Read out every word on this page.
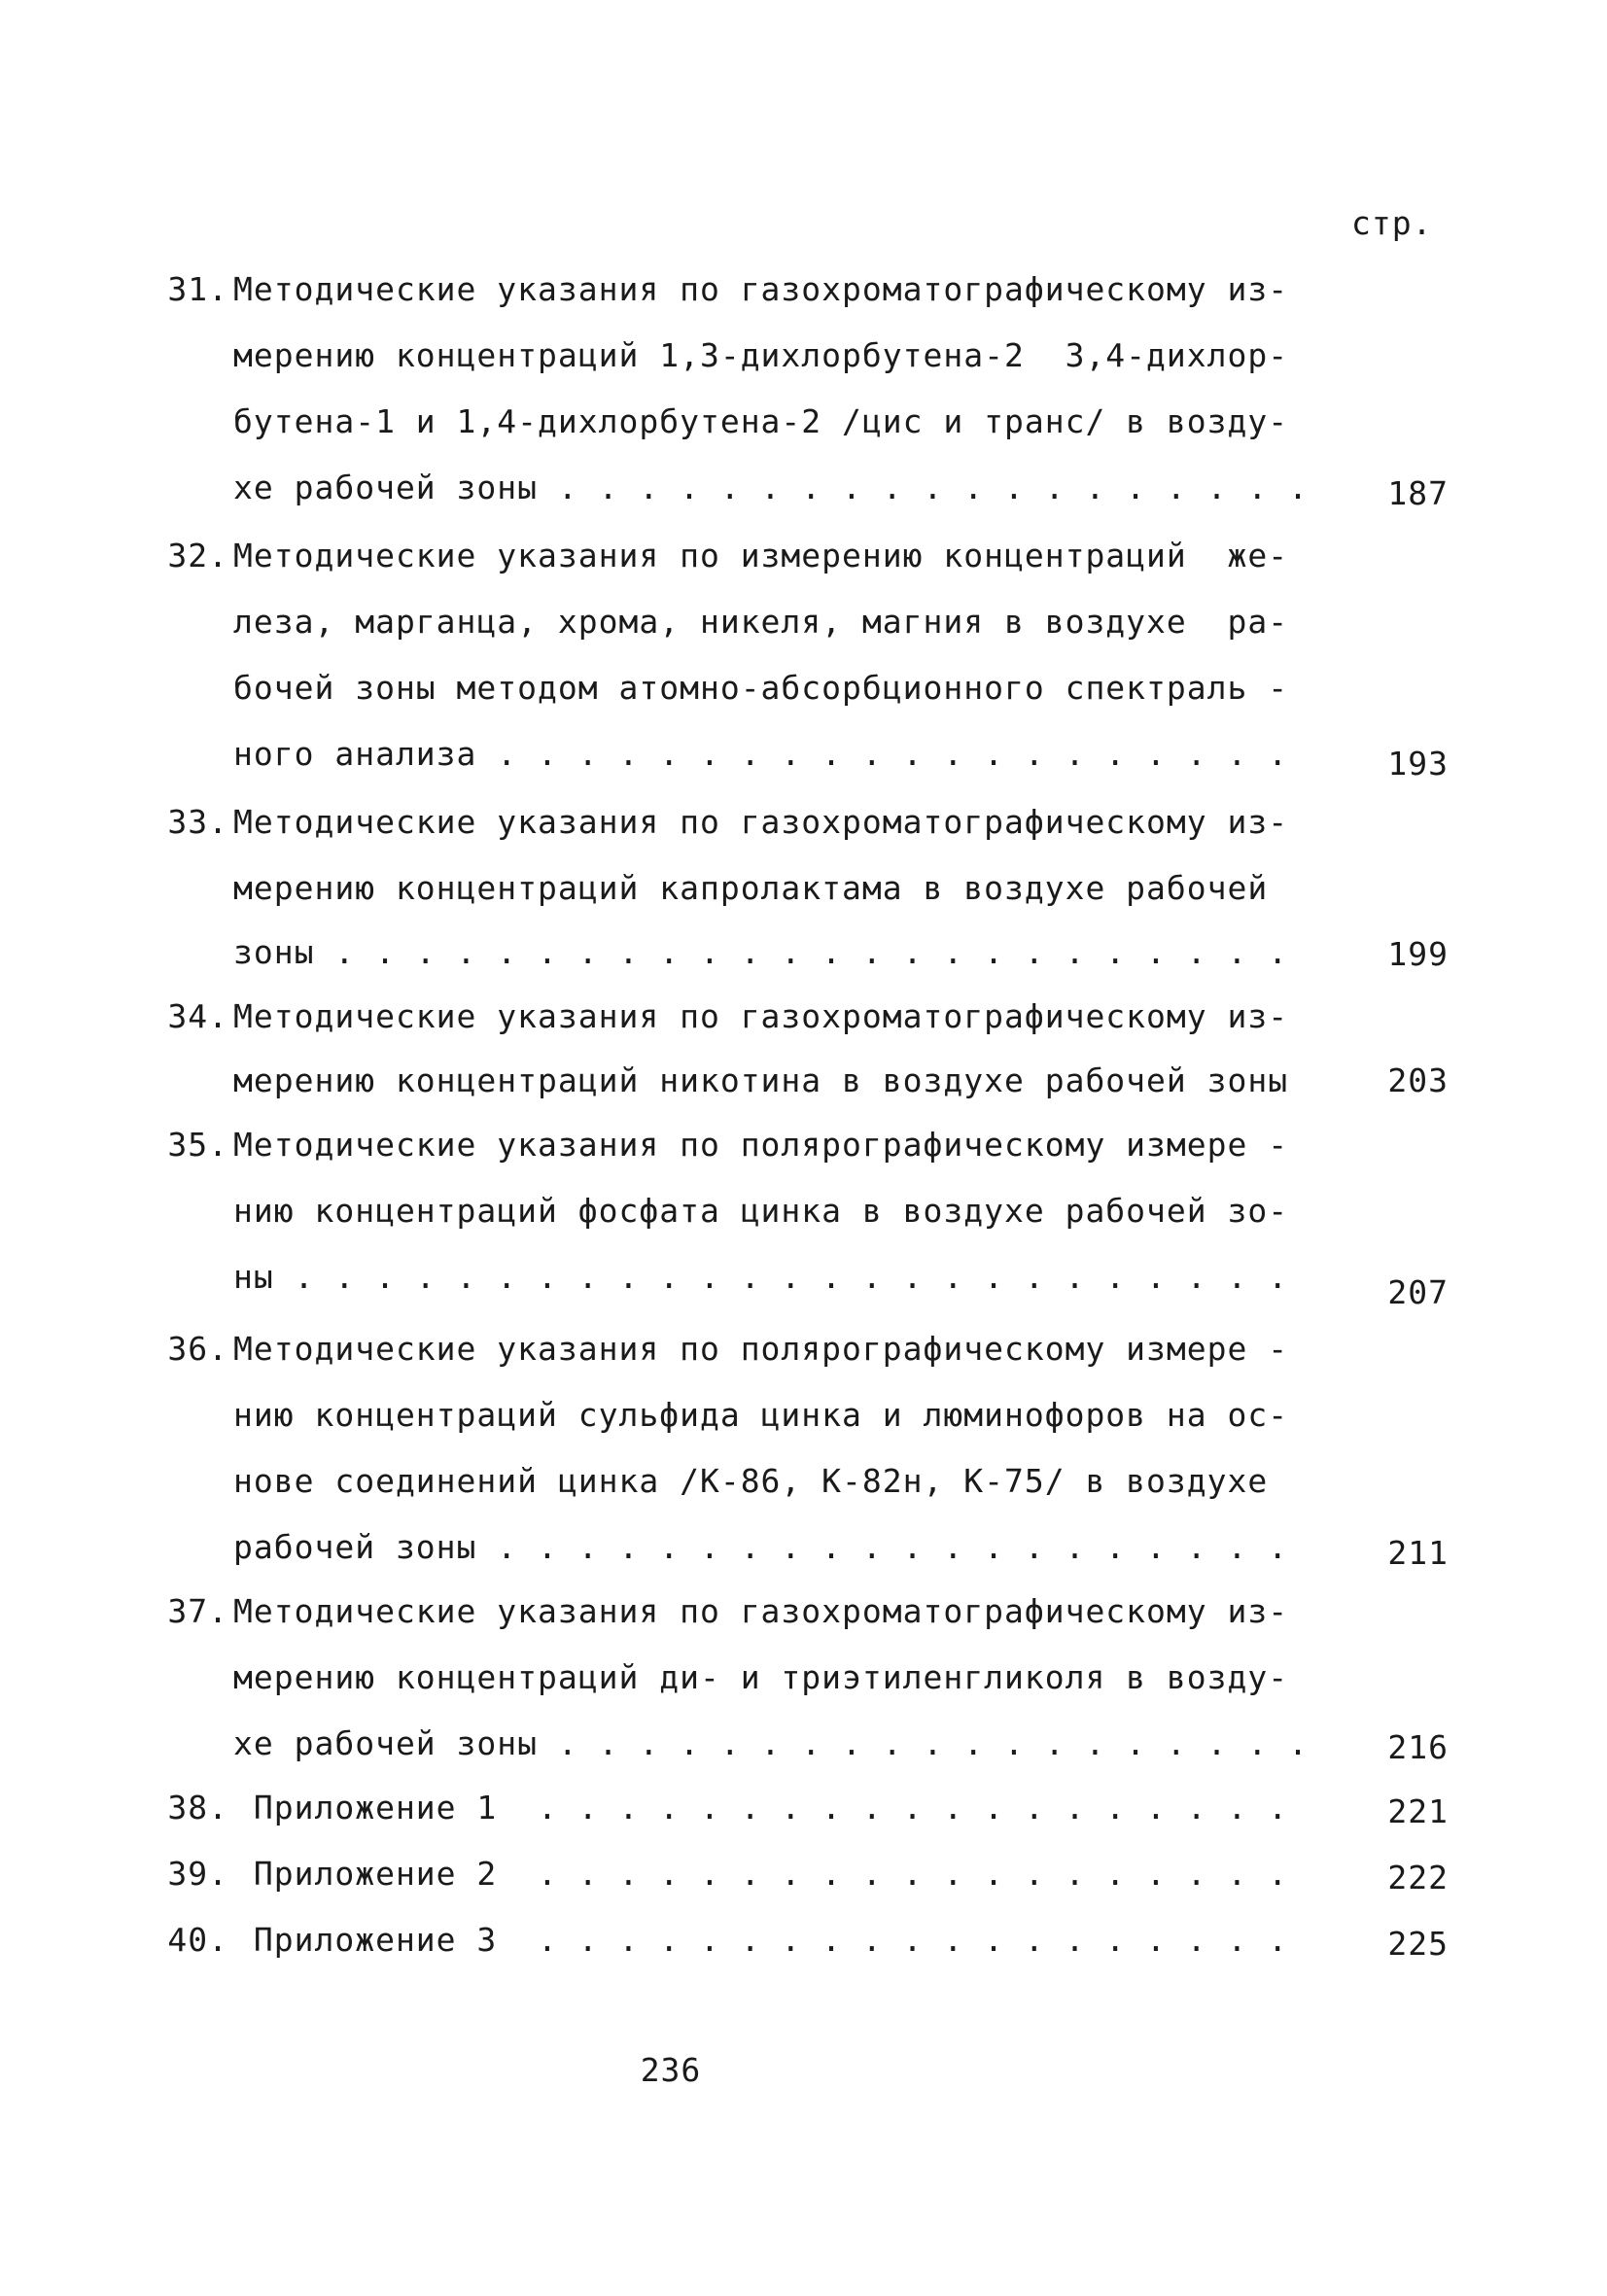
стр.
31. Методические указания по газохроматографическому из-
мерению концентраций 1,3-дихлорбутена-2  3,4-дихлор-
бутена-1 и 1,4-дихлорбутена-2 /цис и транс/ в возду-
хе рабочей зоны . . . . . . . . . . . . . . . . . . .	187
32. Методические указания по измерению концентраций  же-
леза, марганца, хрома, никеля, магния в воздухе  ра-
бочей зоны методом атомно-абсорбционного спектраль -
ного анализа . . . . . . . . . . . . . . . . . . . .	193
33. Методические указания по газохроматографическому из-
мерению концентраций капролактама в воздухе рабочей
зоны . . . . . . . . . . . . . . . . . . . . . . . .	199
34. Методические указания по газохроматографическому из-
мерению концентраций никотина в воздухе рабочей зоны	203
35. Методические указания по полярографическому измере -
нию концентраций фосфата цинка в воздухе рабочей зо-
ны . . . . . . . . . . . . . . . . . . . . . . . . .	207
36. Методические указания по полярографическому измере -
нию концентраций сульфида цинка и люминофоров на ос-
нове соединений цинка /К-86, К-82н, К-75/ в воздухе
рабочей зоны . . . . . . . . . . . . . . . . . . . .	211
37. Методические указания по газохроматографическому из-
мерению концентраций ди- и триэтиленгликоля в возду-
хе рабочей зоны . . . . . . . . . . . . . . . . . . .	216
38. Приложение 1  . . . . . . . . . . . . . . . . . . .	221
39. Приложение 2  . . . . . . . . . . . . . . . . . . .	222
40. Приложение 3  . . . . . . . . . . . . . . . . . . .	225
236
